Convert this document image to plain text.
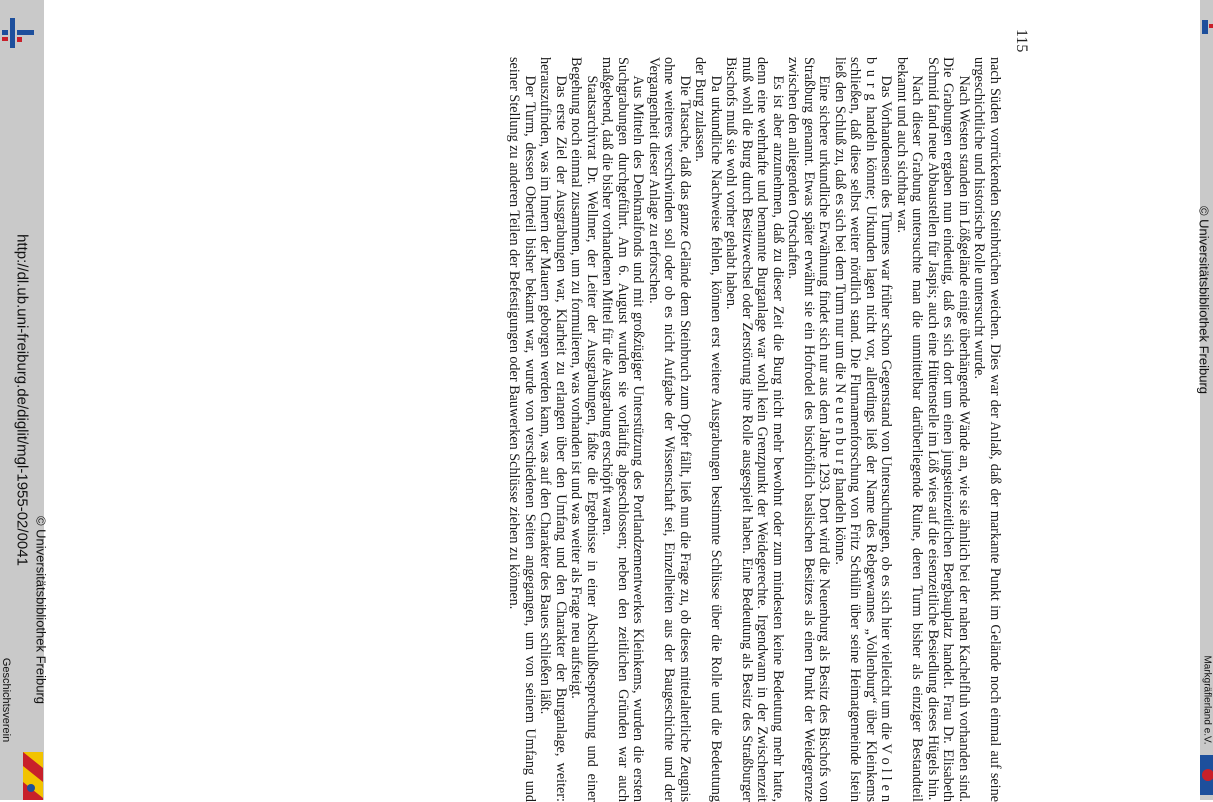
http://dl.ub.uni-freiburg.de/diglit/mgl-1955-02/0041
© Universitätsbibliothek Freiburg
Geschichtsverein
© Universitätsbibliothek Freiburg
Markgräflerland e.V.
115

nach Süden vorrückenden Steinbrüchen weichen. Dies war der Anlaß, daß der markante Punkt im Gelände noch einmal auf seine urgeschichtliche und historische Rolle untersucht wurde.

Nach Westen standen im Lößgelände einige überhängende Wände an, wie sie ähnlich bei der nahen Kachelfluh vorhanden sind. Die Grabungen ergaben nun eindeutig, daß es sich dort um einen jungsteinzeitlichen Bergbauplatz handelt. Frau Dr. Elisabeth Schmid fand neue Abbaustellen für Jaspis; auch eine Hüttenstelle im Löß wies auf die eisenzeitliche Besiedlung dieses Hügels hin.

Nach dieser Grabung untersuchte man die unmittelbar darüberliegende Ruine, deren Turm bisher als einziger Bestandteil bekannt und auch sichtbar war.

Das Vorhandensein des Turmes war früher schon Gegenstand von Untersuchungen, ob es sich hier vielleicht um die V o l l e n b u r g handeln könnte; Urkunden lagen nicht vor, allerdings ließ der Name des Rebgewannes „Vollenburg“ über Kleinkems schließen, daß diese selbst weiter nördlich stand. Die Flurnamenforschung von Fritz Schülin über seine Heimatgemeinde Istein ließ den Schluß zu, daß es sich bei dem Turm nur um die N e u e n b u r g handeln könne.

Eine sichere urkundliche Erwähnung findet sich nur aus dem Jahre 1293. Dort wird die Neuenburg als Besitz des Bischofs von Straßburg genannt. Etwas später erwähnt sie ein Hofrodel des bischöflich baslischen Besitzes als einen Punkt der Weidegrenze zwischen den anliegenden Ortschaften.

Es ist aber anzunehmen, daß zu dieser Zeit die Burg nicht mehr bewohnt oder zum mindesten keine Bedeutung mehr hatte, denn eine wehrhafte und bemannte Burganlage war wohl kein Grenzpunkt der Weidegerechte. Irgendwann in der Zwischenzeit muß wohl die Burg durch Besitzwechsel oder Zerstörung ihre Rolle ausgespielt haben. Eine Bedeutung als Besitz des Straßburger Bischofs muß sie wohl vorher gehabt haben.

Da urkundliche Nachweise fehlen, können erst weitere Ausgrabungen bestimmte Schlüsse über die Rolle und die Bedeutung der Burg zulassen.

Die Tatsache, daß das ganze Gelände dem Steinbruch zum Opfer fällt, ließ nun die Frage zu, ob dieses mittelalterliche Zeugnis ohne weiteres verschwinden soll oder ob es nicht Aufgabe der Wissenschaft sei, Einzelheiten aus der Baugeschichte und der Vergangenheit dieser Anlage zu erforschen.

Aus Mitteln des Denkmalfonds und mit großzügiger Unterstützung des Portlandzementwerkes Kleinkems, wurden die ersten Suchgrabungen durchgeführt. Am 6. August wurden sie vorläufig abgeschlossen; neben den zeitlichen Gründen war auch maßgebend, daß die bisher vorhandenen Mittel für die Ausgrabung erschöpft waren.

Staatsarchivrat Dr. Wellmer, der Leiter der Ausgrabungen, faßte die Ergebnisse in einer Abschlußbesprechung und einer Begehung noch einmal zusammen, um zu formulieren, was vorhanden ist und was weiter als Frage neu aufsteigt.

Das erste Ziel der Ausgrabungen war, Klarheit zu erlangen über den Umfang und den Charakter der Burganlage, weiter: herauszufinden, was im Innern der Mauern geborgen werden kann, was auf den Charakter des Baues schließen läßt.

Der Turm, dessen Oberteil bisher bekannt war, wurde von verschiedenen Seiten angegangen, um von seinem Umfang und seiner Stellung zu anderen Teilen der Befestigungen oder Bauwerken Schlüsse ziehen zu können.
